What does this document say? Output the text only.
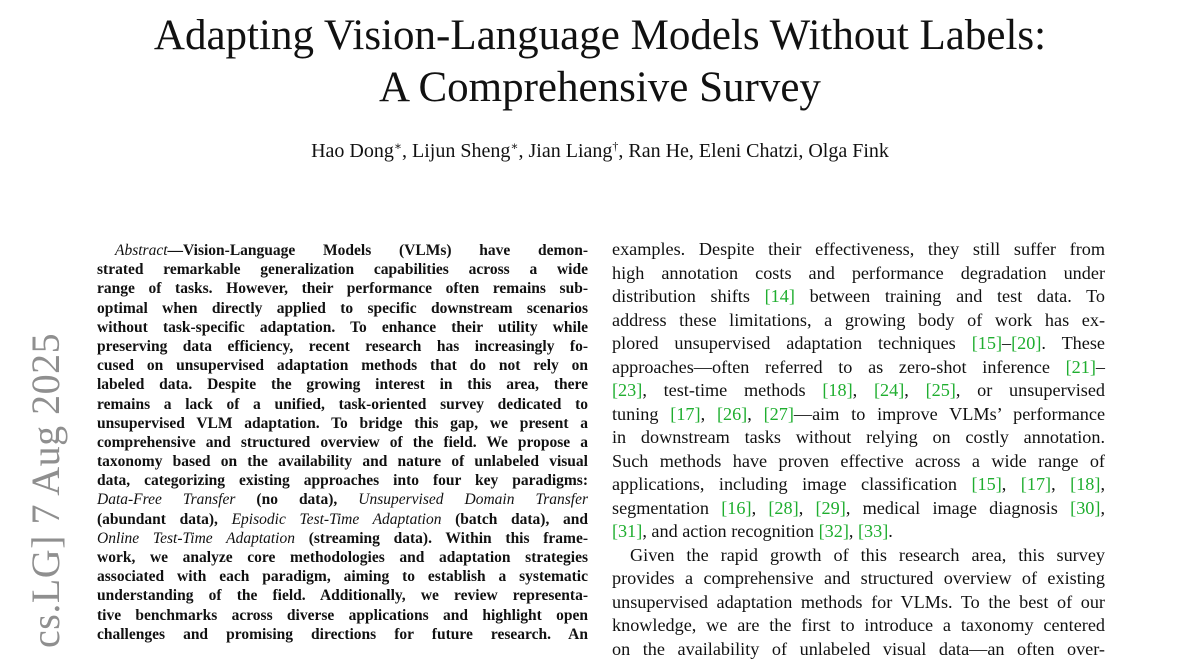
Adapting Vision-Language Models Without Labels:
A Comprehensive Survey
Hao Dong∗, Lijun Sheng∗, Jian Liang†, Ran He, Eleni Chatzi, Olga Fink
cs.LG] 7 Aug 2025
Abstract—Vision-Language Models (VLMs) have demon-
strated remarkable generalization capabilities across a wide
range of tasks. However, their performance often remains sub-
optimal when directly applied to specific downstream scenarios
without task-specific adaptation. To enhance their utility while
preserving data efficiency, recent research has increasingly fo-
cused on unsupervised adaptation methods that do not rely on
labeled data. Despite the growing interest in this area, there
remains a lack of a unified, task-oriented survey dedicated to
unsupervised VLM adaptation. To bridge this gap, we present a
comprehensive and structured overview of the field. We propose a
taxonomy based on the availability and nature of unlabeled visual
data, categorizing existing approaches into four key paradigms:
Data-Free Transfer (no data), Unsupervised Domain Transfer
(abundant data), Episodic Test-Time Adaptation (batch data), and
Online Test-Time Adaptation (streaming data). Within this frame-
work, we analyze core methodologies and adaptation strategies
associated with each paradigm, aiming to establish a systematic
understanding of the field. Additionally, we review representa-
tive benchmarks across diverse applications and highlight open
challenges and promising directions for future research. An
examples. Despite their effectiveness, they still suffer from
high annotation costs and performance degradation under
distribution shifts [14] between training and test data. To
address these limitations, a growing body of work has ex-
plored unsupervised adaptation techniques [15]–[20]. These
approaches—often referred to as zero-shot inference [21]–
[23], test-time methods [18], [24], [25], or unsupervised
tuning [17], [26], [27]—aim to improve VLMs’ performance
in downstream tasks without relying on costly annotation.
Such methods have proven effective across a wide range of
applications, including image classification [15], [17], [18],
segmentation [16], [28], [29], medical image diagnosis [30],
[31], and action recognition [32], [33].
Given the rapid growth of this research area, this survey
provides a comprehensive and structured overview of existing
unsupervised adaptation methods for VLMs. To the best of our
knowledge, we are the first to introduce a taxonomy centered
on the availability of unlabeled visual data—an often over-
